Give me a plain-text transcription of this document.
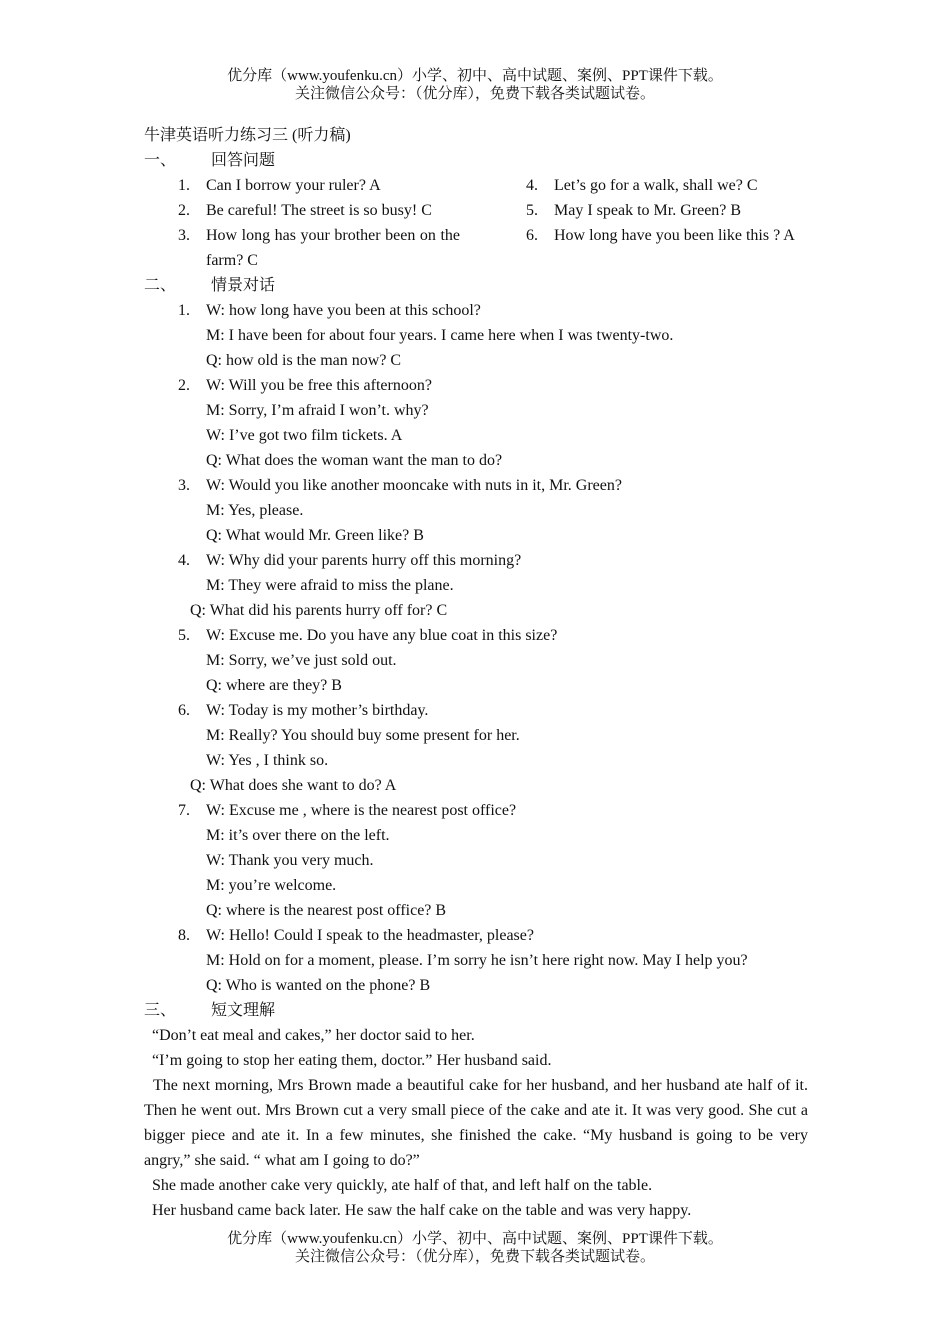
优分库（www.youfenku.cn）小学、初中、高中试题、案例、PPT课件下载。
关注微信公众号：（优分库），免费下载各类试题试卷。
牛津英语听力练习三 (听力稿)
一、 回答问题
1.	Can I borrow your ruler? A
2.	Be careful! The street is so busy! C
3.	How long has your brother been on the farm? C
4.	Let’s go for a walk, shall we? C
5.	May I speak to Mr. Green? B
6.	How long have you been like this ? A
二、 情景对话
1.	W: how long have you been at this school?
M: I have been for about four years. I came here when I was twenty-two.
Q: how old is the man now? C
2.	W: Will you be free this afternoon?
M: Sorry, I’m afraid I won’t. why?
W: I’ve got two film tickets. A
Q: What does the woman want the man to do?
3.	W: Would you like another mooncake with nuts in it, Mr. Green?
M: Yes, please.
Q: What would Mr. Green like? B
4.	W: Why did your parents hurry off this morning?
M: They were afraid to miss the plane.
Q: What did his parents hurry off for? C
5.	W: Excuse me. Do you have any blue coat in this size?
M: Sorry, we’ve just sold out.
Q: where are they? B
6.	W: Today is my mother’s birthday.
M: Really? You should buy some present for her.
W: Yes , I think so.
Q: What does she want to do? A
7.	W: Excuse me , where is the nearest post office?
M: it’s over there on the left.
W: Thank you very much.
M: you’re welcome.
Q: where is the nearest post office? B
8.	W: Hello! Could I speak to the headmaster, please?
M: Hold on for a moment, please. I’m sorry he isn’t here right now. May I help you?
Q: Who is wanted on the phone? B
三、 短文理解
“Don’t eat meal and cakes,” her doctor said to her.
“I’m going to stop her eating them, doctor.” Her husband said.
The next morning, Mrs Brown made a beautiful cake for her husband, and her husband ate half of it. Then he went out. Mrs Brown cut a very small piece of the cake and ate it. It was very good. She cut a bigger piece and ate it. In a few minutes, she finished the cake. “My husband is going to be very angry,” she said. “ what am I going to do?”
She made another cake very quickly, ate half of that, and left half on the table.
Her husband came back later. He saw the half cake on the table and was very happy.
优分库（www.youfenku.cn）小学、初中、高中试题、案例、PPT课件下载。
关注微信公众号：（优分库），免费下载各类试题试卷。
